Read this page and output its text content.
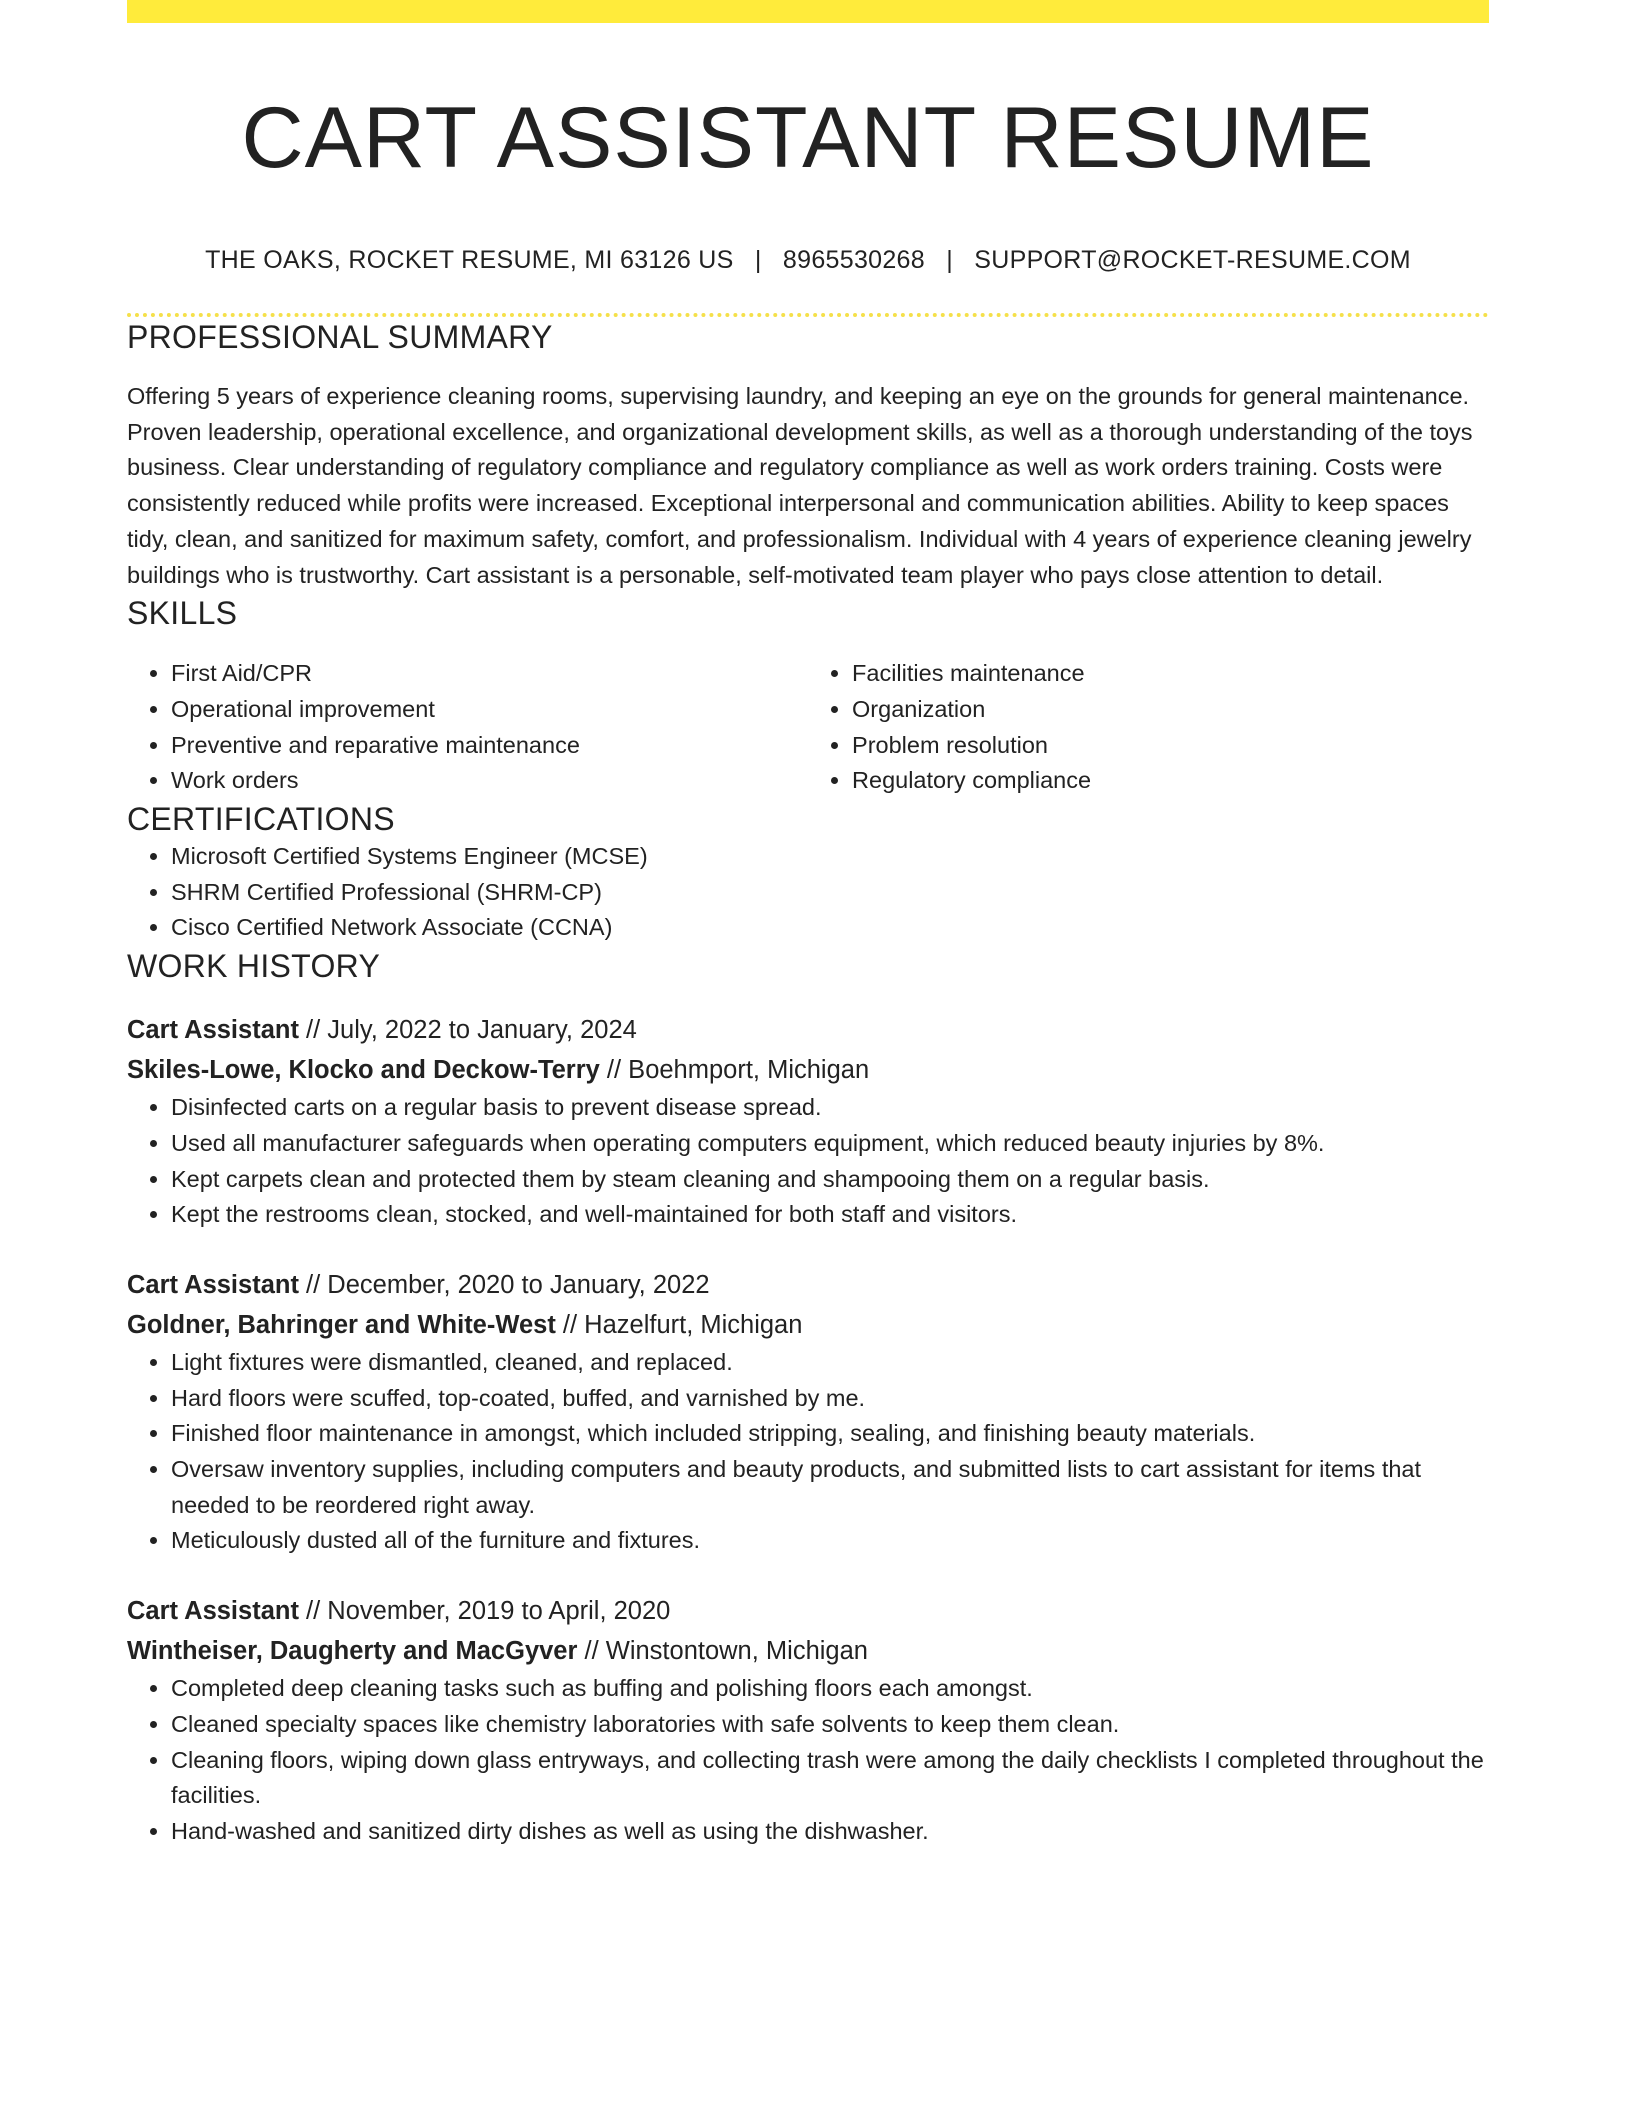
CART ASSISTANT RESUME
THE OAKS, ROCKET RESUME, MI 63126 US | 8965530268 | SUPPORT@ROCKET-RESUME.COM
PROFESSIONAL SUMMARY

Offering 5 years of experience cleaning rooms, supervising laundry, and keeping an eye on the grounds for general maintenance. Proven leadership, operational excellence, and organizational development skills, as well as a thorough understanding of the toys business. Clear understanding of regulatory compliance and regulatory compliance as well as work orders training. Costs were consistently reduced while profits were increased. Exceptional interpersonal and communication abilities. Ability to keep spaces tidy, clean, and sanitized for maximum safety, comfort, and professionalism. Individual with 4 years of experience cleaning jewelry buildings who is trustworthy. Cart assistant is a personable, self-motivated team player who pays close attention to detail.

SKILLS
• First Aid/CPR
• Operational improvement
• Preventive and reparative maintenance
• Work orders
• Facilities maintenance
• Organization
• Problem resolution
• Regulatory compliance
CERTIFICATIONS
• Microsoft Certified Systems Engineer (MCSE)
• SHRM Certified Professional (SHRM-CP)
• Cisco Certified Network Associate (CCNA)
WORK HISTORY
Cart Assistant // July, 2022 to January, 2024
Skiles-Lowe, Klocko and Deckow-Terry // Boehmport, Michigan
• Disinfected carts on a regular basis to prevent disease spread.
• Used all manufacturer safeguards when operating computers equipment, which reduced beauty injuries by 8%.
• Kept carpets clean and protected them by steam cleaning and shampooing them on a regular basis.
• Kept the restrooms clean, stocked, and well-maintained for both staff and visitors.
Cart Assistant // December, 2020 to January, 2022
Goldner, Bahringer and White-West // Hazelfurt, Michigan
• Light fixtures were dismantled, cleaned, and replaced.
• Hard floors were scuffed, top-coated, buffed, and varnished by me.
• Finished floor maintenance in amongst, which included stripping, sealing, and finishing beauty materials.
• Oversaw inventory supplies, including computers and beauty products, and submitted lists to cart assistant for items that needed to be reordered right away.
• Meticulously dusted all of the furniture and fixtures.
Cart Assistant // November, 2019 to April, 2020
Wintheiser, Daugherty and MacGyver // Winstontown, Michigan
• Completed deep cleaning tasks such as buffing and polishing floors each amongst.
• Cleaned specialty spaces like chemistry laboratories with safe solvents to keep them clean.
• Cleaning floors, wiping down glass entryways, and collecting trash were among the daily checklists I completed throughout the facilities.
• Hand-washed and sanitized dirty dishes as well as using the dishwasher.
